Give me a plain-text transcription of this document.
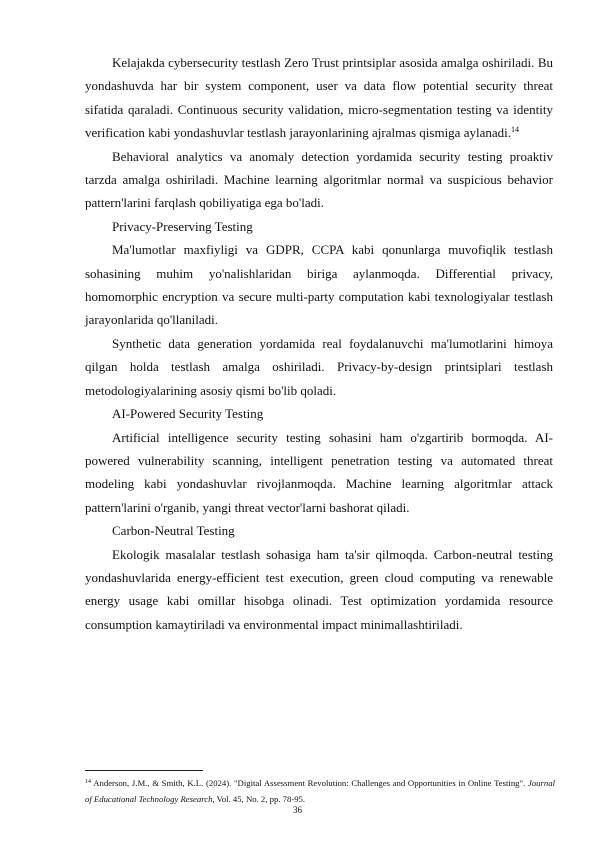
Kelajakda cybersecurity testlash Zero Trust printsiplar asosida amalga oshiriladi. Bu yondashuvda har bir system component, user va data flow potential security threat sifatida qaraladi. Continuous security validation, micro-segmentation testing va identity verification kabi yondashuvlar testlash jarayonlarining ajralmas qismiga aylanadi.$^{14}$

Behavioral analytics va anomaly detection yordamida security testing proaktiv tarzda amalga oshiriladi. Machine learning algoritmlar normal va suspicious behavior pattern'larini farqlash qobiliyatiga ega bo'ladi.

Privacy-Preserving Testing

Ma'lumotlar maxfiyligi va GDPR, CCPA kabi qonunlarga muvofiqlik testlash sohasining muhim yo'nalishlaridan biriga aylanmoqda. Differential privacy, homomorphic encryption va secure multi-party computation kabi texnologiyalar testlash jarayonlarida qo'llaniladi.

Synthetic data generation yordamida real foydalanuvchi ma'lumotlarini himoya qilgan holda testlash amalga oshiriladi. Privacy-by-design printsiplari testlash metodologiyalarining asosiy qismi bo'lib qoladi.

AI-Powered Security Testing

Artificial intelligence security testing sohasini ham o'zgartirib bormoqda. AI-powered vulnerability scanning, intelligent penetration testing va automated threat modeling kabi yondashuvlar rivojlanmoqda. Machine learning algoritmlar attack pattern'larini o'rganib, yangi threat vector'larni bashorat qiladi.

Carbon-Neutral Testing

Ekologik masalalar testlash sohasiga ham ta'sir qilmoqda. Carbon-neutral testing yondashuvlarida energy-efficient test execution, green cloud computing va renewable energy usage kabi omillar hisobga olinadi. Test optimization yordamida resource consumption kamaytiriladi va environmental impact minimallashtiriladi.

$^{14}$ Anderson, J.M., & Smith, K.L. (2024). "Digital Assessment Revolution: Challenges and Opportunities in Online Testing". Journal of Educational Technology Research, Vol. 45, No. 2, pp. 78-95.
36
